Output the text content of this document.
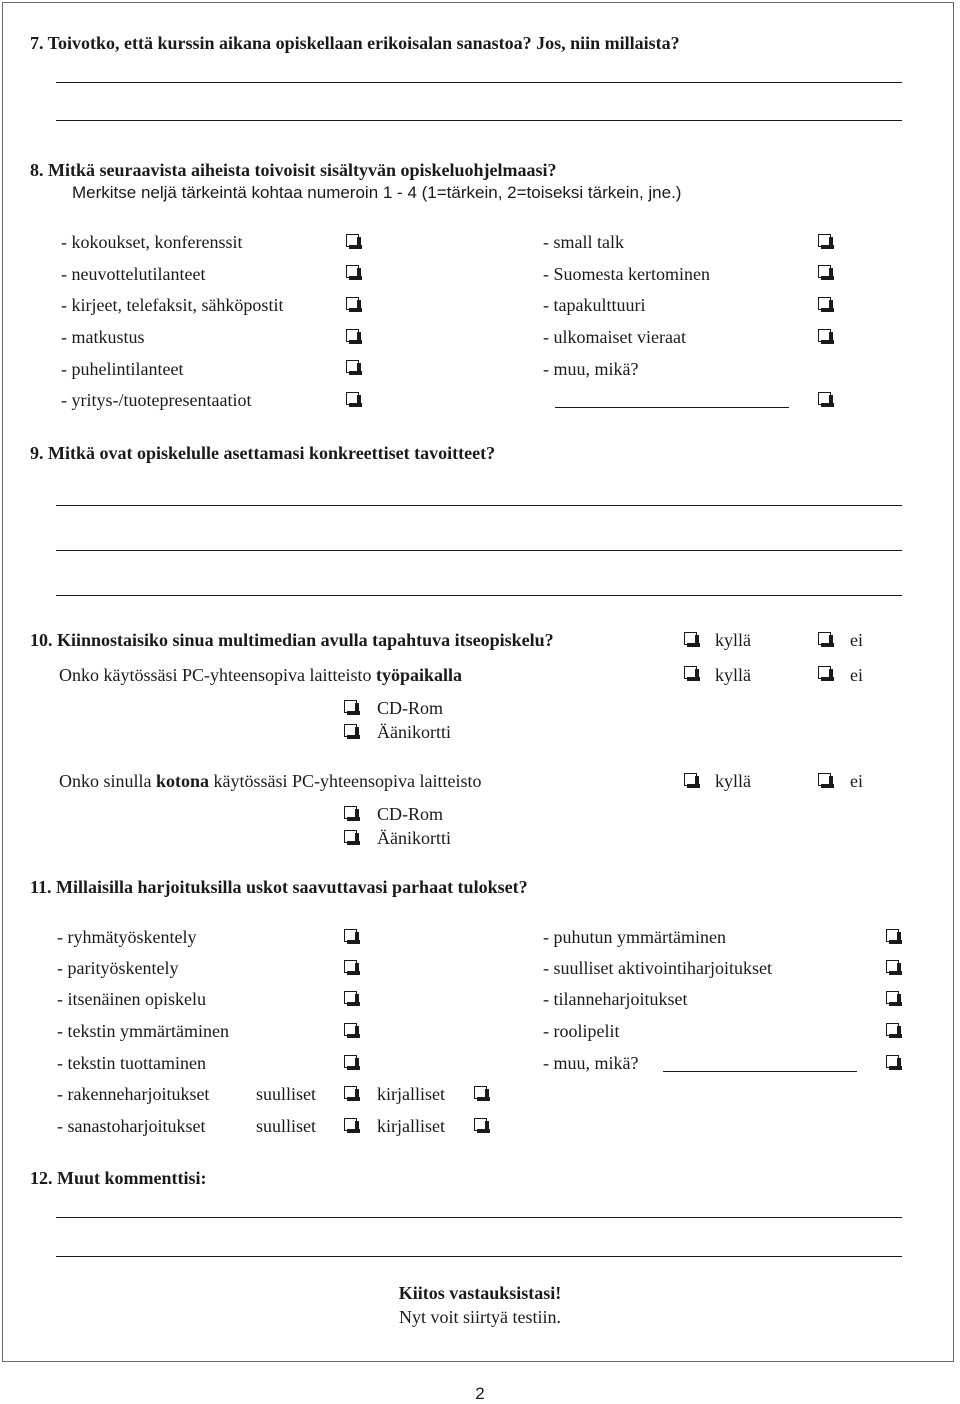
7. Toivotko, että kurssin aikana opiskellaan erikoisalan sanastoa? Jos, niin millaista?
8. Mitkä seuraavista aiheista toivoisit sisältyvän opiskeluohjelmaasi?
Merkitse neljä tärkeintä kohtaa numeroin 1 - 4 (1=tärkein, 2=toiseksi tärkein, jne.)
- kokoukset, konferenssit
- neuvottelutilanteet
- kirjeet, telefaksit, sähköpostit
- matkustus
- puhelintilanteet
- yritys-/tuotepresentaatiot
- small talk
- Suomesta kertominen
- tapakulttuuri
- ulkomaiset vieraat
- muu, mikä?
9. Mitkä ovat opiskelulle asettamasi konkreettiset tavoitteet?
10. Kiinnostaisiko sinua multimedian avulla tapahtuva itseopiskelu?	kyllä	ei
Onko käytössäsi PC-yhteensopiva laitteisto työpaikalla	kyllä	ei
CD-Rom
Äänikortti
Onko sinulla kotona käytössäsi PC-yhteensopiva laitteisto	kyllä	ei
CD-Rom
Äänikortti
11. Millaisilla harjoituksilla uskot saavuttavasi parhaat tulokset?
- ryhmätyöskentely
- parityöskentely
- itsenäinen opiskelu
- tekstin ymmärtäminen
- tekstin tuottaminen
- rakenneharjoitukset	suulliset	kirjalliset
- sanastoharjoitukset	suulliset	kirjalliset
- puhutun ymmärtäminen
- suulliset aktivointiharjoitukset
- tilanneharjoitukset
- roolipelit
- muu, mikä?
12. Muut kommenttisi:
Kiitos vastauksistasi!
Nyt voit siirtyä testiin.
2
